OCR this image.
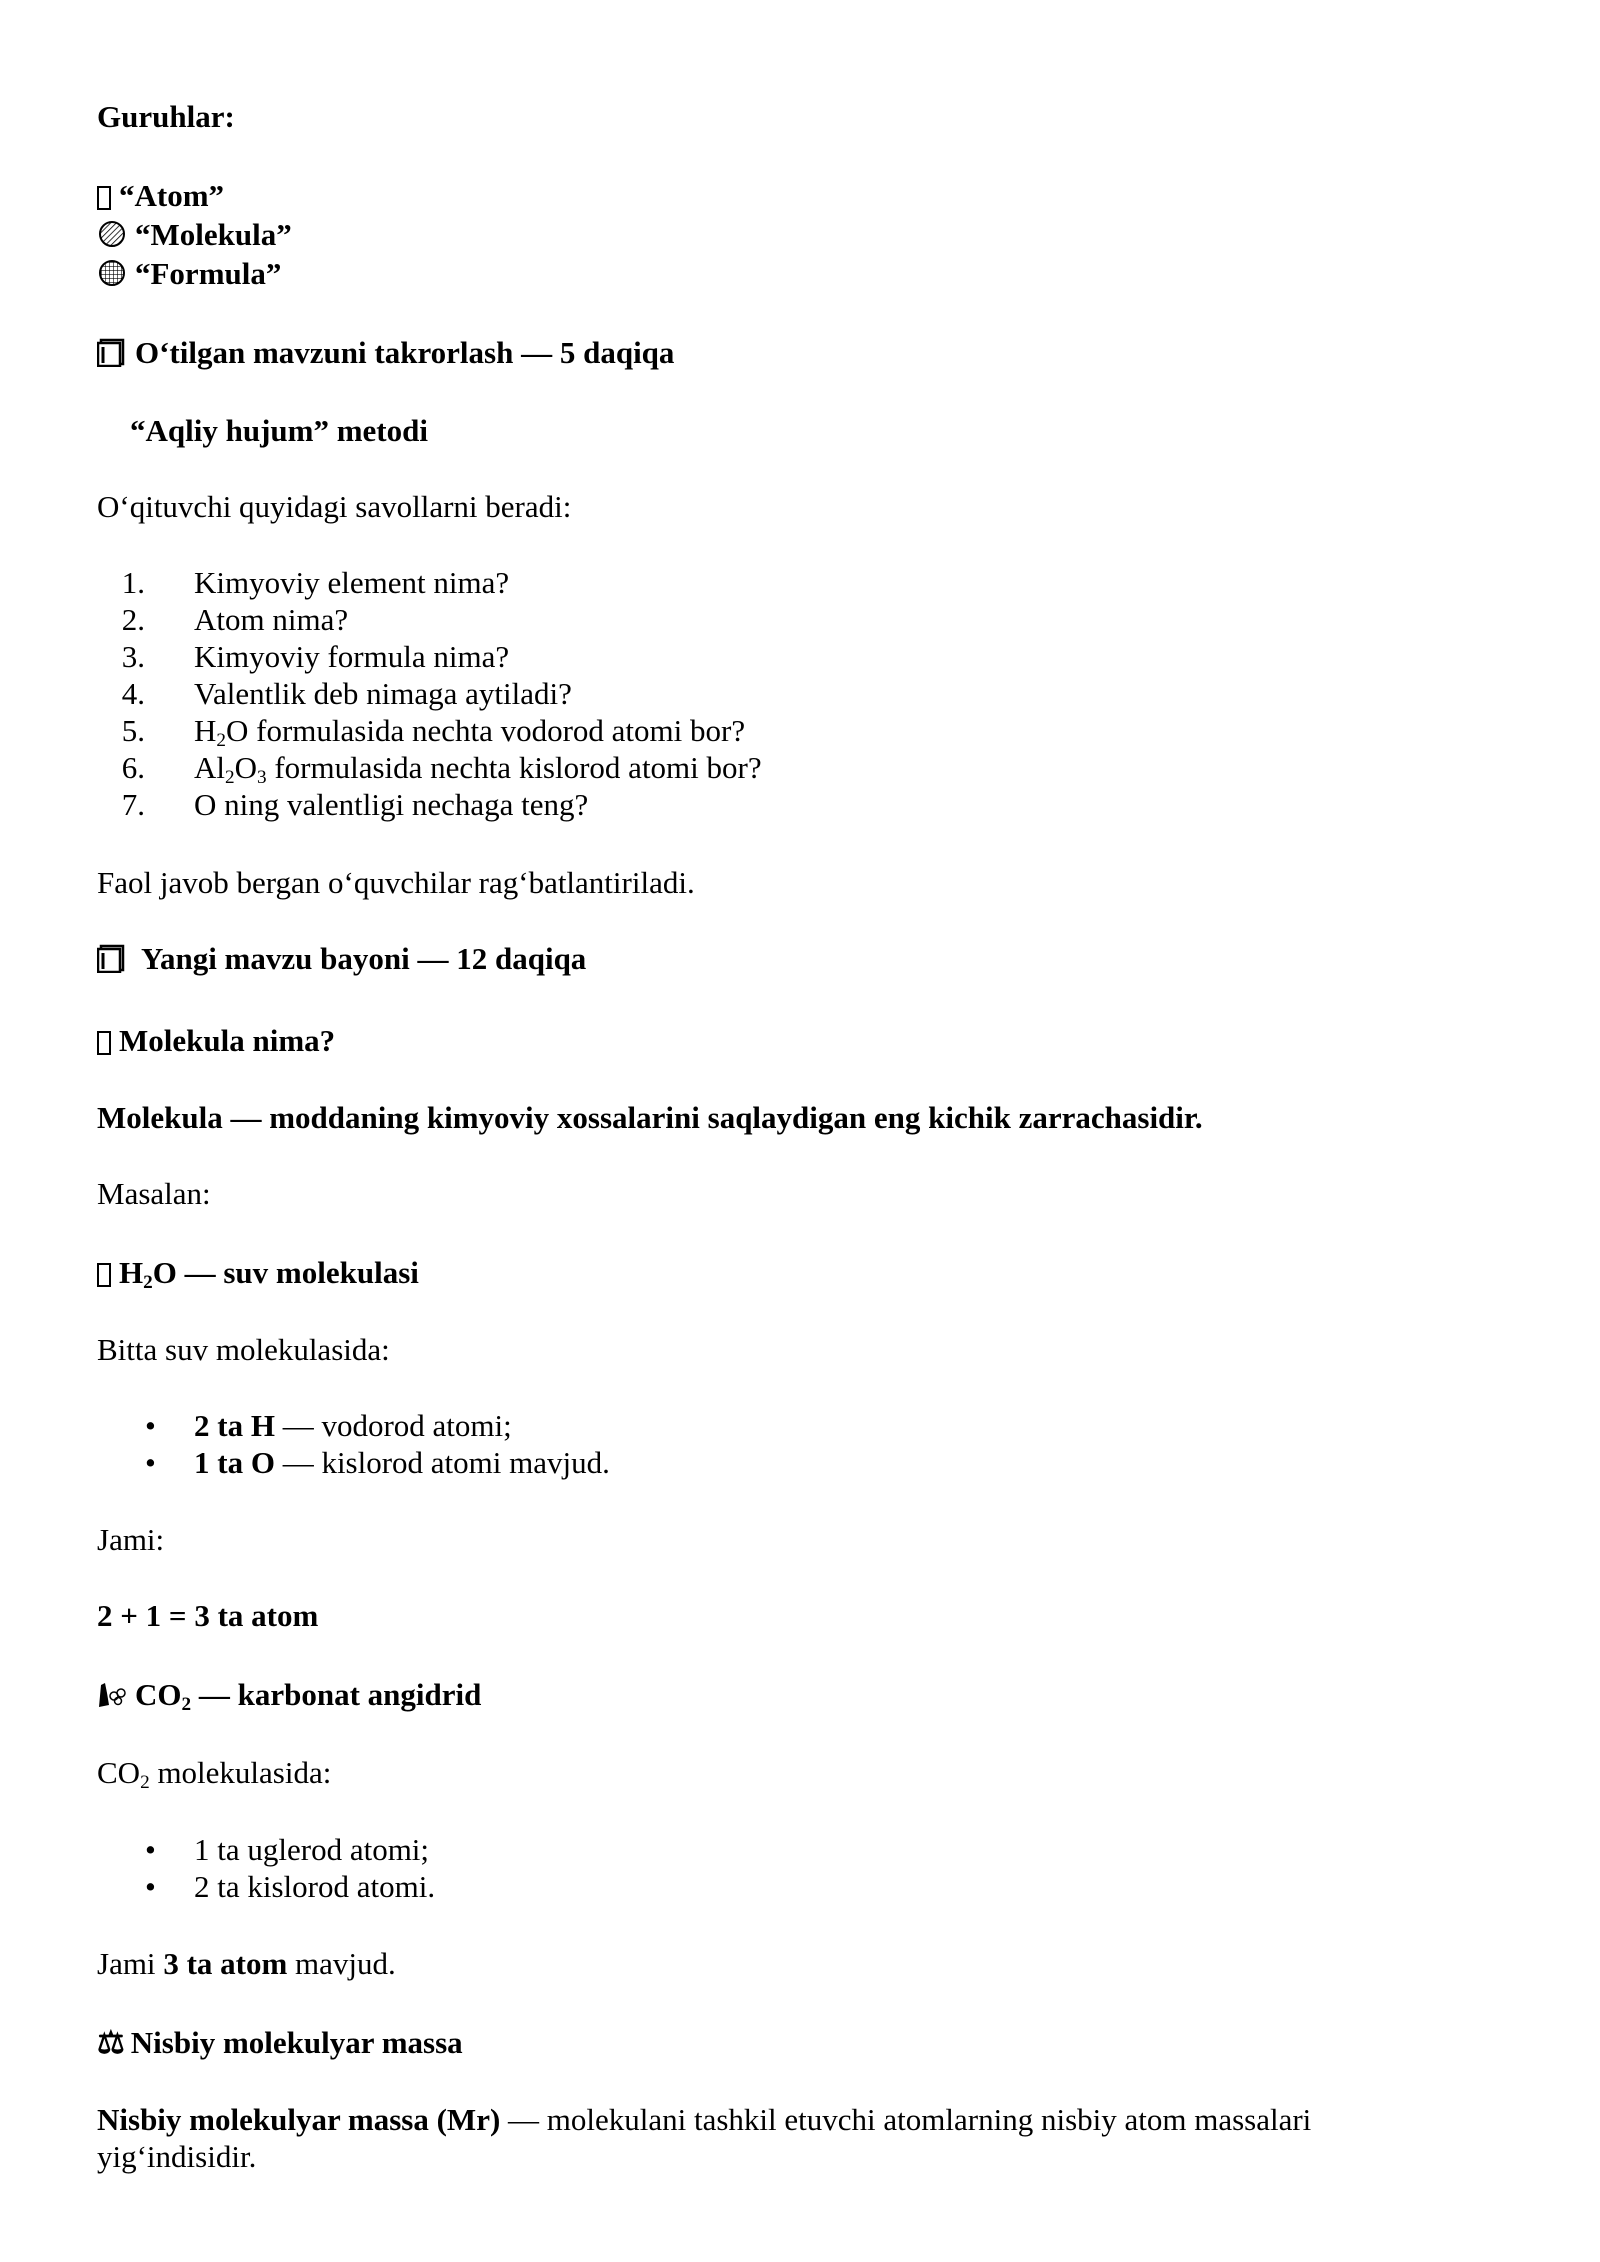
Guruhlar:
“Atom”
“Molekula”
“Formula”
O‘tilgan mavzuni takrorlash — 5 daqiqa
“Aqliy hujum” metodi
O‘qituvchi quyidagi savollarni beradi:
1. Kimyoviy element nima?
2. Atom nima?
3. Kimyoviy formula nima?
4. Valentlik deb nimaga aytiladi?
5. $H_2O$ formulasida nechta vodorod atomi bor?
6. $Al_2O_3$ formulasida nechta kislorod atomi bor?
7. O ning valentligi nechaga teng?
Faol javob bergan o‘quvchilar rag‘batlantiriladi.
Yangi mavzu bayoni — 12 daqiqa
Molekula nima?
Molekula — moddaning kimyoviy xossalarini saqlaydigan eng kichik zarrachasidir.
Masalan:
$H_2O$ — suv molekulasi
Bitta suv molekulasida:
• 2 ta H — vodorod atomi;
• 1 ta O — kislorod atomi mavjud.
Jami:
2 + 1 = 3 ta atom
$CO_2$ — karbonat angidrid
$CO_2$ molekulasida:
• 1 ta uglerod atomi;
• 2 ta kislorod atomi.
Jami 3 ta atom mavjud.
⚖ Nisbiy molekulyar massa
Nisbiy molekulyar massa (Mr) — molekulani tashkil etuvchi atomlarning nisbiy atom massalari
yig‘indisidir.
